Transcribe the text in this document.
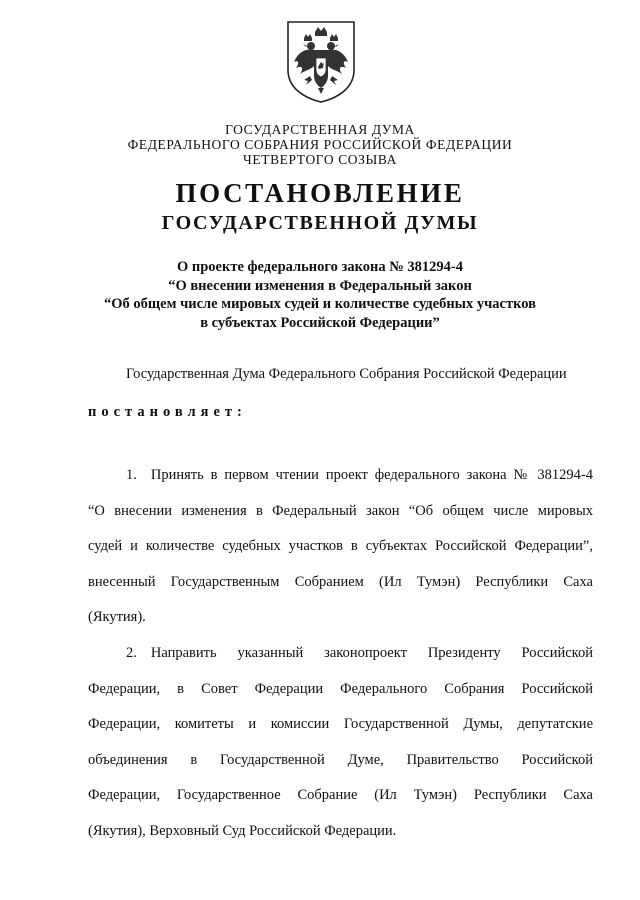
ГОСУДАРСТВЕННАЯ ДУМА

ФЕДЕРАЛЬНОГО СОБРАНИЯ РОССИЙСКОЙ ФЕДЕРАЦИИ

ЧЕТВЕРТОГО СОЗЫВА

ПОСТАНОВЛЕНИЕ
ГОСУДАРСТВЕННОЙ ДУМЫ
О проекте федерального закона № 381294-4
“О внесении изменения в Федеральный закон
“Об общем числе мировых судей и количестве судебных участков
в субъектах Российской Федерации”

Государственная Дума Федерального Собрания Российской Федерации

постановляет:

1. Принять в первом чтении проект федерального закона № 381294-4
“О внесении изменения в Федеральный закон “Об общем числе мировых
судей и количестве судебных участков в субъектах Российской Федерации”,
внесенный Государственным Собранием (Ил Тумэн) Республики Саха
(Якутия).
2. Направить указанный законопроект Президенту Российской
Федерации, в Совет Федерации Федерального Собрания Российской
Федерации, комитеты и комиссии Государственной Думы, депутатские
объединения в Государственной Думе, Правительство Российской
Федерации, Государственное Собрание (Ил Тумэн) Республики Саха
(Якутия), Верховный Суд Российской Федерации.
